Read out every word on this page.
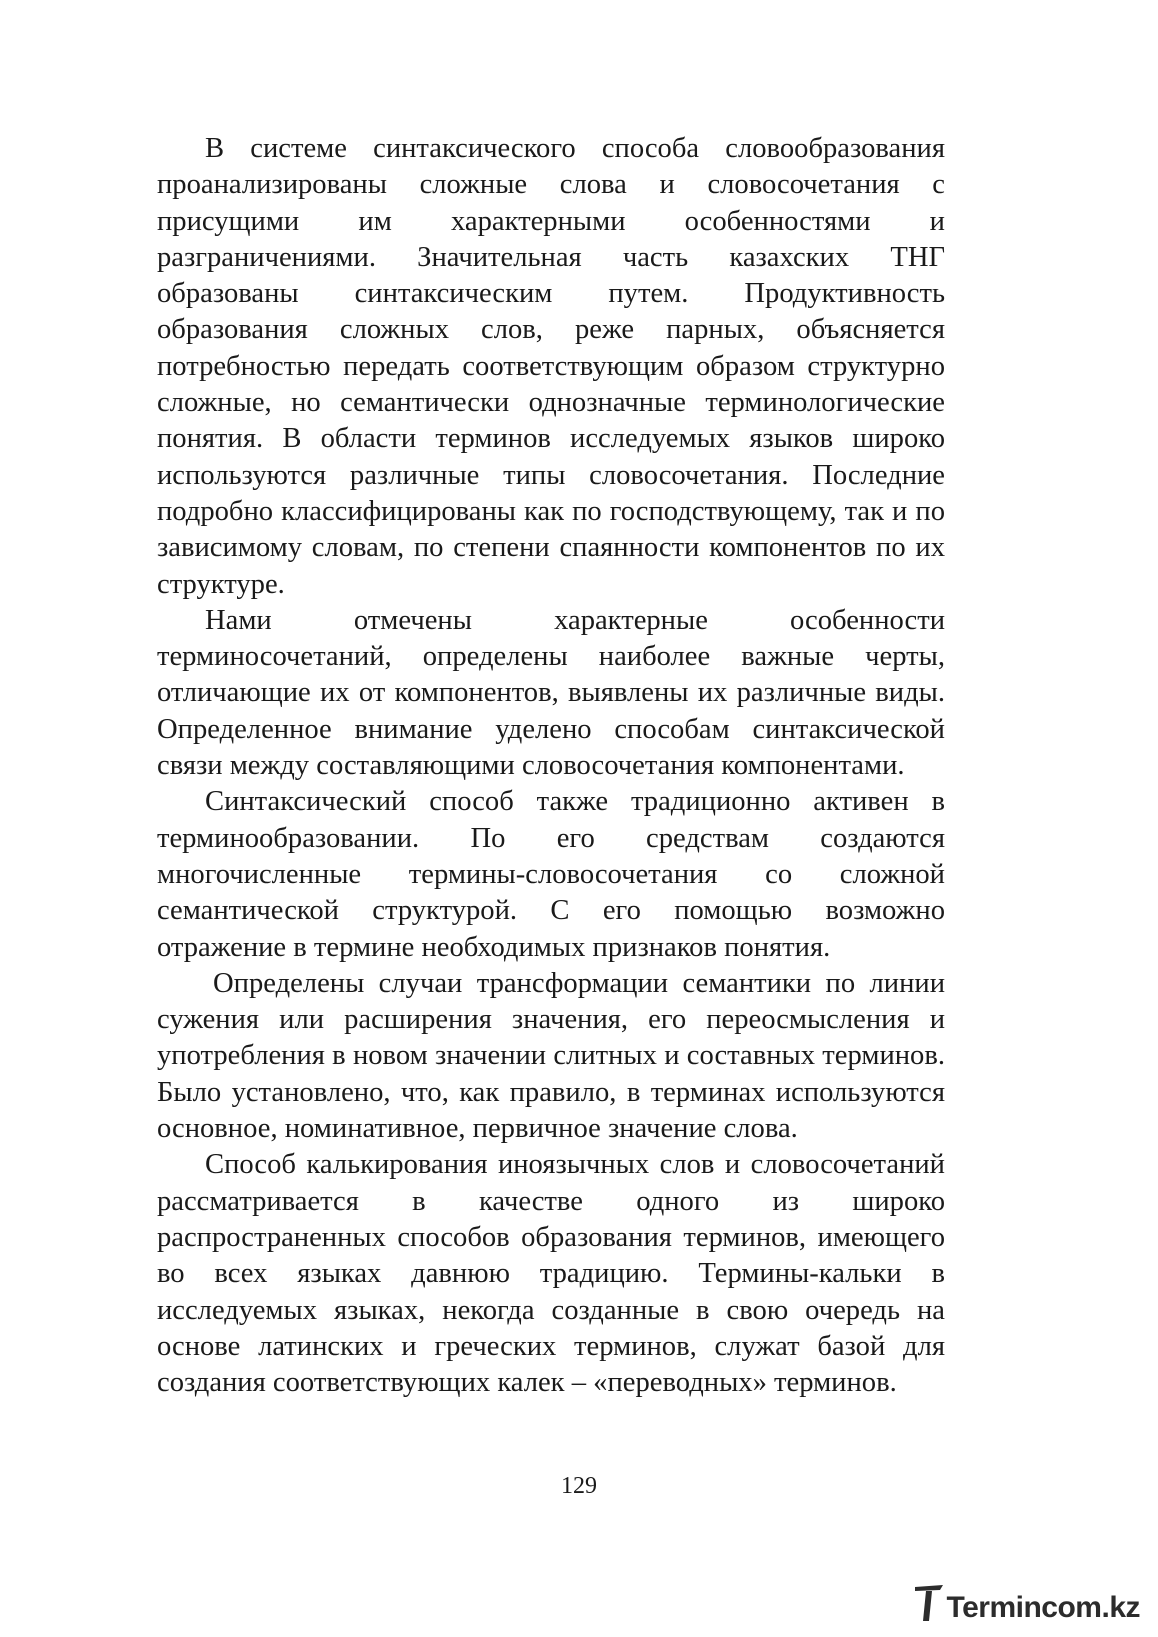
В системе синтаксического способа словообразования проанализированы сложные слова и словосочетания с присущими им характерными особенностями и разграничениями. Значительная часть казахских ТНГ образованы синтаксическим путем. Продуктивность образования сложных слов, реже парных, объясняется потребностью передать соответствующим образом структурно сложные, но семантически однозначные терминологические понятия. В области терминов исследуемых языков широко используются различные типы словосочетания. Последние подробно классифицированы как по господствующему, так и по зависимому словам, по степени спаянности компонентов по их структуре.

Нами отмечены характерные особенности терминосочетаний, определены наиболее важные черты, отличающие их от компонентов, выявлены их различные виды. Определенное внимание уделено способам синтаксической связи между составляющими словосочетания компонентами.

Синтаксический способ также традиционно активен в терминообразовании. По его средствам создаются многочисленные термины-словосочетания со сложной семантической структурой. С его помощью возможно отражение в термине необходимых признаков понятия.

Определены случаи трансформации семантики по линии сужения или расширения значения, его переосмысления и употребления в новом значении слитных и составных терминов. Было установлено, что, как правило, в терминах используются основное, номинативное, первичное значение слова.

Способ калькирования иноязычных слов и словосочетаний рассматривается в качестве одного из широко распространенных способов образования терминов, имеющего во всех языках давнюю традицию. Термины-кальки в исследуемых языках, некогда созданные в свою очередь на основе латинских и греческих терминов, служат базой для создания соответствующих калек – «переводных» терминов.

129
Termincom.kz
